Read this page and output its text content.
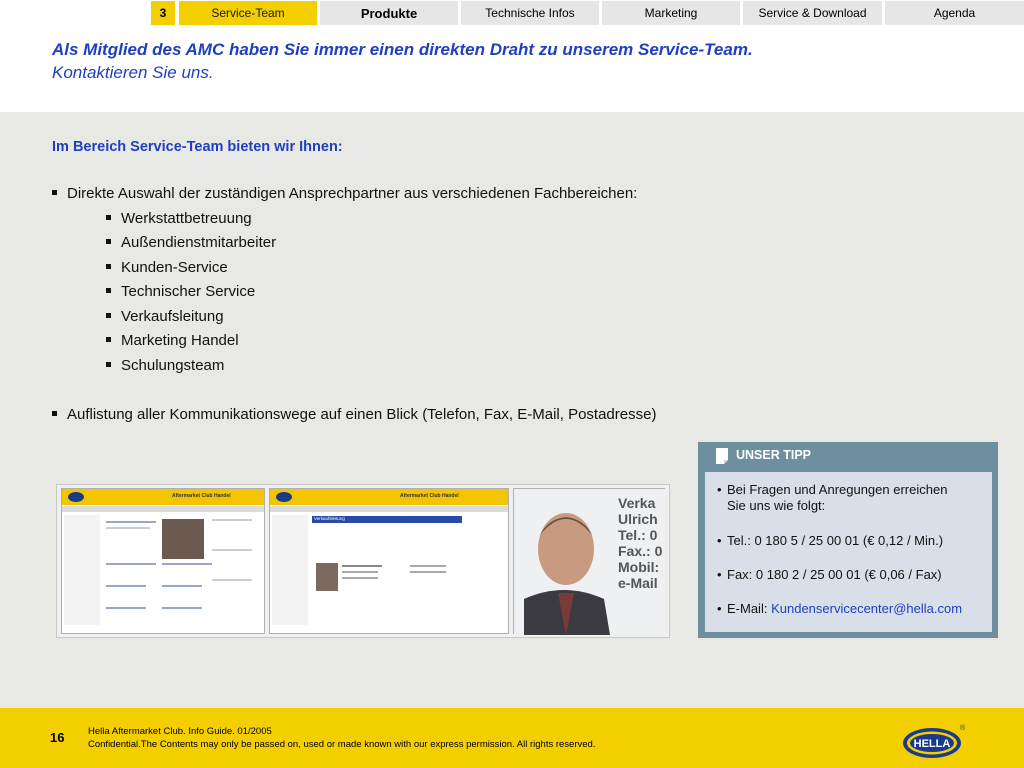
3	Service-Team	Produkte	Technische Infos	Marketing	Service & Download	Agenda
Als Mitglied des AMC haben Sie immer einen direkten Draht zu unserem Service-Team.
Kontaktieren Sie uns.
Im Bereich Service-Team bieten wir Ihnen:
Direkte Auswahl der zuständigen Ansprechpartner aus verschiedenen Fachbereichen:
Werkstattbetreuung
Außendienstmitarbeiter
Kunden-Service
Technischer Service
Verkaufsleitung
Marketing Handel
Schulungsteam
Auflistung aller Kommunikationswege auf einen Blick (Telefon, Fax, E-Mail, Postadresse)
Aftermarket Club Handel	Aftermarket Club Handel
Verkaufsleitung
Verka
Ulrich
Tel.: 0
Fax.: 0
Mobil:
e-Mail
UNSER TIPP
• Bei Fragen und Anregungen erreichen
Sie uns wie folgt:
• Tel.: 0 180 5 / 25 00 01 (€ 0,12 / Min.)
• Fax: 0 180 2 / 25 00 01 (€ 0,06 / Fax)
• E-Mail: Kundenservicecenter@hella.com
16 Hella Aftermarket Club. Info Guide. 01/2005
Confidential.The Contents may only be passed on, used or made known with our express permission. All rights reserved.	HELLA
®
